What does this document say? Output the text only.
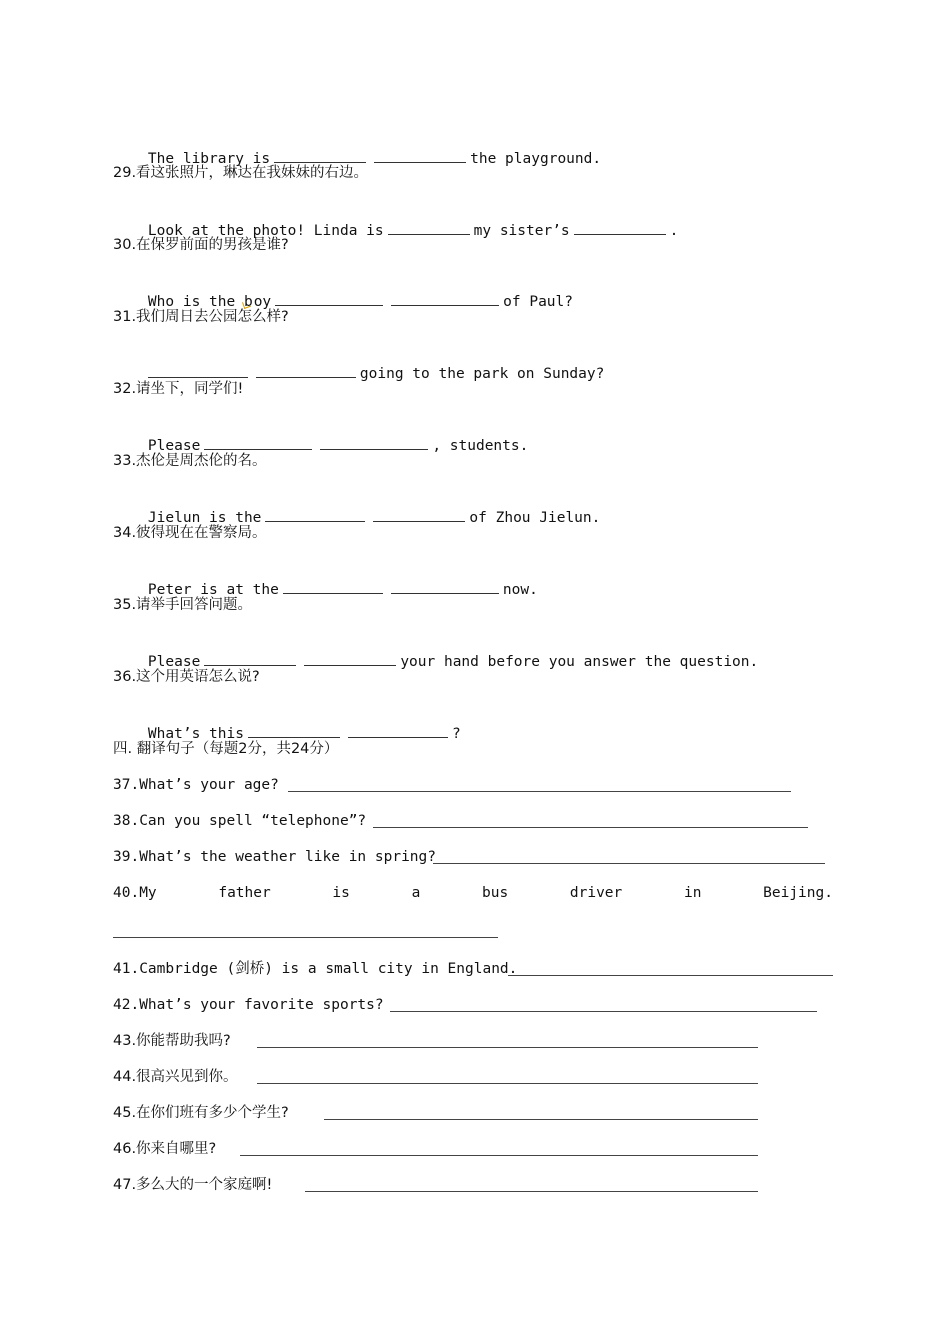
The library is	the playground.

29.看这张照片，琳达在我妹妹的右边。

Look at the photo! Linda is	my sister’s	.

30.在保罗前面的男孩是谁?

Who is the boy	of Paul?

31.我们周日去公园怎么样?

going to the park on Sunday?

32.请坐下，同学们!

Please	, students.

33.杰伦是周杰伦的名。

Jielun is the	of Zhou Jielun.

34.彼得现在在警察局。

Peter is at the	now.

35.请举手回答问题。

Please	your hand before you answer the question.

36.这个用英语怎么说?

What’s this	?

四. 翻译句子（每题2分，共24分）
37.What’s your age?
38.Can you spell “telephone”?
39.What’s the weather like in spring?
40.My	father	is	a	bus	driver	in	Beijing.
41.Cambridge (剑桥) is a small city in England.
42.What’s your favorite sports?
43.你能帮助我吗?
44.很高兴见到你。
45.在你们班有多少个学生?
46.你来自哪里?
47.多么大的一个家庭啊!
